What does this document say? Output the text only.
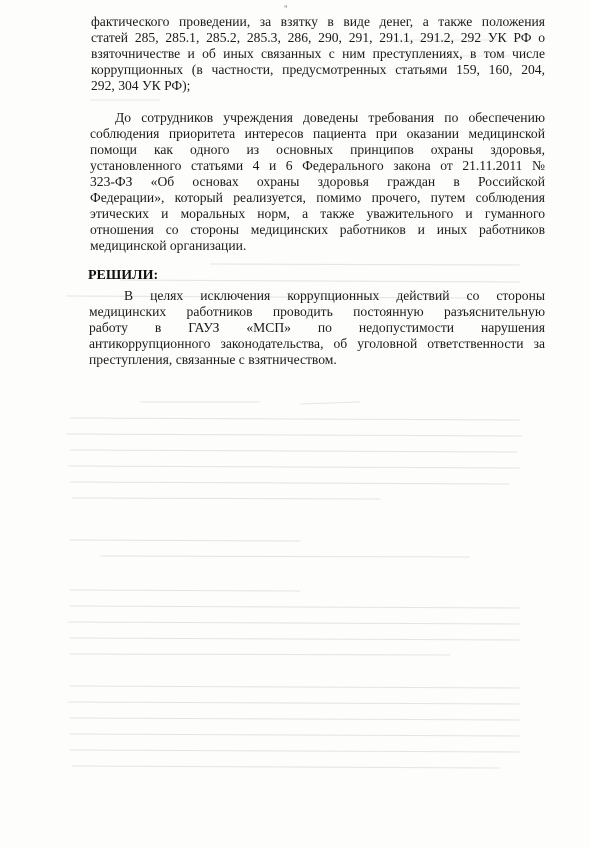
"
фактического проведении, за взятку в виде денег, а также положения
статей 285, 285.1, 285.2, 285.3, 286, 290, 291, 291.1, 291.2, 292 УК РФ о
взяточничестве и об иных связанных с ним преступлениях, в том числе
коррупционных (в частности, предусмотренных статьями 159, 160, 204,
292, 304 УК РФ);
До сотрудников учреждения доведены требования по обеспечению
соблюдения приоритета интересов пациента при оказании медицинской
помощи как одного из основных принципов охраны здоровья,
установленного статьями 4 и 6 Федерального закона от 21.11.2011 №
323-ФЗ «Об основах охраны здоровья граждан в Российской
Федерации», который реализуется, помимо прочего, путем соблюдения
этических и моральных норм, а также уважительного и гуманного
отношения со стороны медицинских работников и иных работников
медицинской организации.
РЕШИЛИ:
В целях исключения коррупционных действий со стороны
медицинских работников проводить постоянную разъяснительную
работу в ГАУЗ «МСП» по недопустимости нарушения
антикоррупционного законодательства, об уголовной ответственности за
преступления, связанные с взятничеством.
